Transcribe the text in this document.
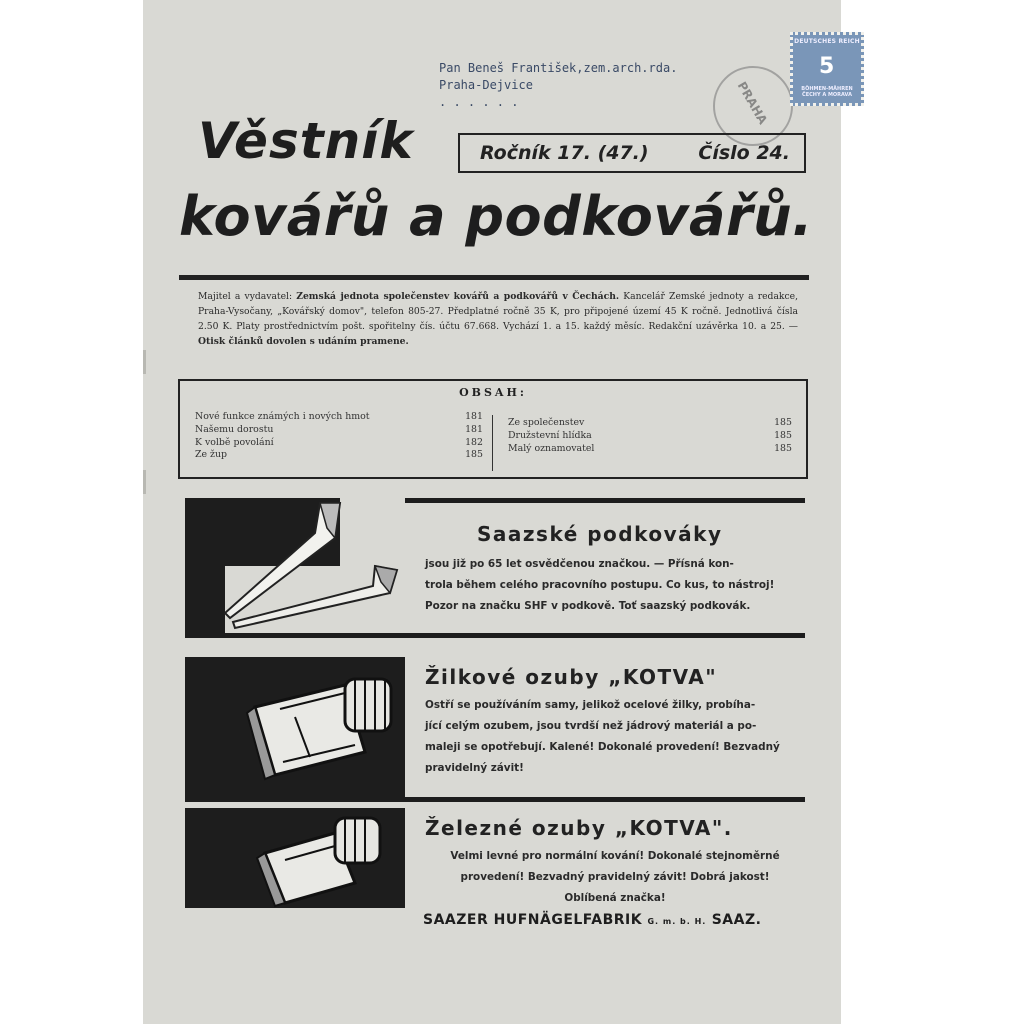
Pan Beneš František,zem.arch.rda.
Praha-Dejvice
. . . . . .	PRAHA
DEUTSCHES REICH
5
BÖHMEN-MÄHREN
ČECHY A MORAVA
Věstník	Ročník 17. (47.)	Číslo 24.
kovářů a podkovářů.
Majitel a vydavatel: Zemská jednota společenstev kovářů a podkovářů v Čechách. Kancelář Zemské jednoty a redakce, Praha-Vysočany, „Kovářský domov", telefon 805-27. Předplatné ročně 35 K, pro připojené území 45 K ročně. Jednotlivá čísla 2.50 K. Platy prostřednictvím pošt. spořitelny čís. účtu 67.668. Vychází 1. a 15. každý měsíc. Redakční uzávěrka 10. a 25. — Otisk článků dovolen s udáním pramene.
OBSAH:
Nové funkce známých i nových hmot	181
Našemu dorostu	181
K volbě povolání	182
Ze žup	185
Ze společenstev	185
Družstevní hlídka	185
Malý oznamovatel	185
Saazské podkováky
jsou již po 65 let osvědčenou značkou. — Přísná kon-
trola během celého pracovního postupu. Co kus, to nástroj!
Pozor na značku SHF v podkově. Toť saazský podkovák.
Žilkové ozuby „KOTVA"
Ostří se používáním samy, jelikož ocelové žilky, probíha-
jící celým ozubem, jsou tvrdší než jádrový materiál a po-
maleji se opotřebují. Kalené! Dokonalé provedení! Bezvadný
pravidelný závit!
Železné ozuby „KOTVA".
Velmi levné pro normální kování! Dokonalé stejnoměrné
provedení! Bezvadný pravidelný závit! Dobrá jakost!
Oblíbená značka!
SAAZER HUFNÄGELFABRIK G. m. b. H. SAAZ.
